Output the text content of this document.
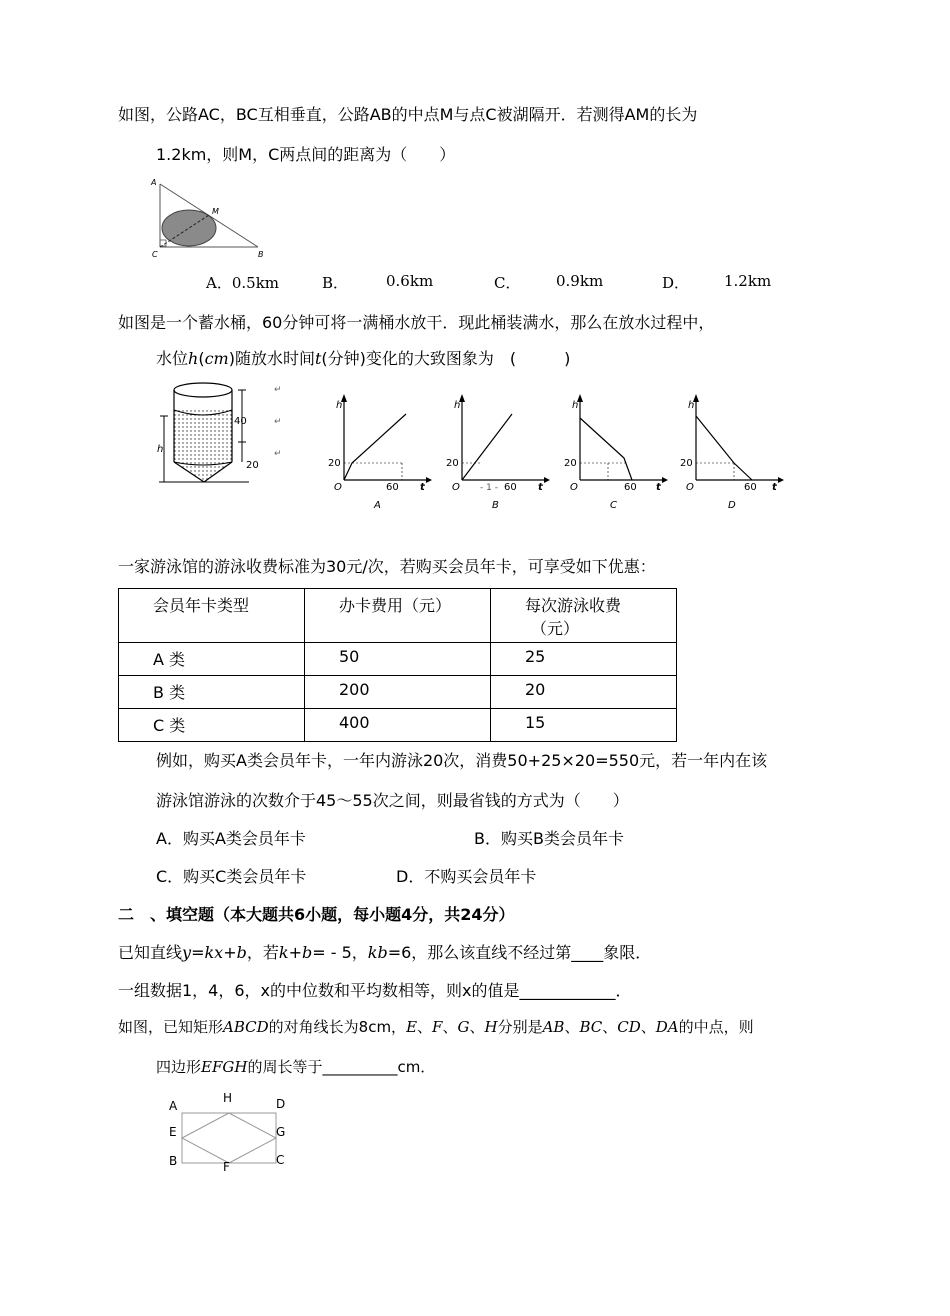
如图，公路AC，BC互相垂直，公路AB的中点M与点C被湖隔开．若测得AM的长为
1.2km，则M，C两点间的距离为（　　）
A
B
C
M
A．0.5km	B．	0.6km	C． 0.9km	D． 1.2km
如图是一个蓄水桶，60分钟可将一满桶水放干．现此桶装满水，那么在放水过程中，
水位h(cm)随放水时间t(分钟)变化的大致图象为　(　　　)
h
40
20
↵
↵
↵
h
20
O	60 t
A
h
20
O - 1 - 60 t
B
h
20
O	60 t
C
h
20
O	60 t
D
一家游泳馆的游泳收费标准为30元/次，若购买会员年卡，可享受如下优惠：
会员年卡类型	办卡费用（元）	每次游泳收费
（元）

A 类	50	25

B 类	200	20

C 类	400	15
例如，购买A类会员年卡，一年内游泳20次，消费50+25×20=550元，若一年内在该
游泳馆游泳的次数介于45～55次之间，则最省钱的方式为（　　）
A．购买A类会员年卡	B．购买B类会员年卡
C．购买C类会员年卡	D．不购买会员年卡
二　、填空题（本大题共6小题，每小题4分，共24分）
已知直线y=kx+b，若k+b= - 5，kb=6，那么该直线不经过第____象限．
一组数据1，4，6，x的中位数和平均数相等，则x的值是____________．
如图，已知矩形ABCD的对角线长为8cm，E、F、G、H分别是AB、BC、CD、DA的中点，则
四边形EFGH的周长等于__________cm．
A
H	D
E	G
B	F	C
